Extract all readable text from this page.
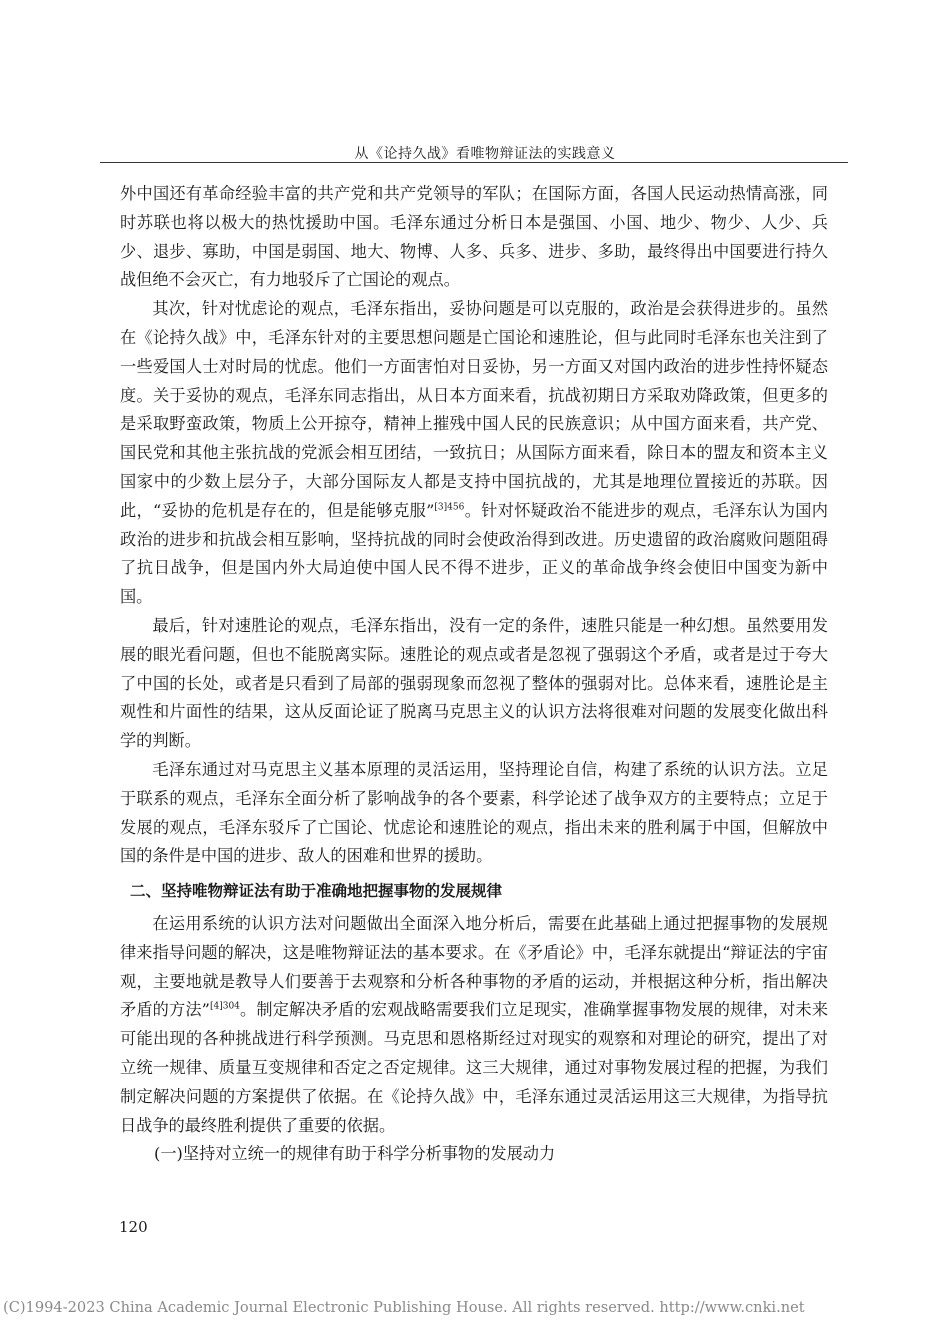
从《论持久战》看唯物辩证法的实践意义

外中国还有革命经验丰富的共产党和共产党领导的军队；在国际方面，各国人民运动热情高涨，同时苏联也将以极大的热忱援助中国。毛泽东通过分析日本是强国、小国、地少、物少、人少、兵少、退步、寡助，中国是弱国、地大、物博、人多、兵多、进步、多助，最终得出中国要进行持久战但绝不会灭亡，有力地驳斥了亡国论的观点。

其次，针对忧虑论的观点，毛泽东指出，妥协问题是可以克服的，政治是会获得进步的。虽然在《论持久战》中，毛泽东针对的主要思想问题是亡国论和速胜论，但与此同时毛泽东也关注到了一些爱国人士对时局的忧虑。他们一方面害怕对日妥协，另一方面又对国内政治的进步性持怀疑态度。关于妥协的观点，毛泽东同志指出，从日本方面来看，抗战初期日方采取劝降政策，但更多的是采取野蛮政策，物质上公开掠夺，精神上摧残中国人民的民族意识；从中国方面来看，共产党、国民党和其他主张抗战的党派会相互团结，一致抗日；从国际方面来看，除日本的盟友和资本主义国家中的少数上层分子，大部分国际友人都是支持中国抗战的，尤其是地理位置接近的苏联。因此，“妥协的危机是存在的，但是能够克服”$^{[3]456}$。针对怀疑政治不能进步的观点，毛泽东认为国内政治的进步和抗战会相互影响，坚持抗战的同时会使政治得到改进。历史遗留的政治腐败问题阻碍了抗日战争，但是国内外大局迫使中国人民不得不进步，正义的革命战争终会使旧中国变为新中国。

最后，针对速胜论的观点，毛泽东指出，没有一定的条件，速胜只能是一种幻想。虽然要用发展的眼光看问题，但也不能脱离实际。速胜论的观点或者是忽视了强弱这个矛盾，或者是过于夸大了中国的长处，或者是只看到了局部的强弱现象而忽视了整体的强弱对比。总体来看，速胜论是主观性和片面性的结果，这从反面论证了脱离马克思主义的认识方法将很难对问题的发展变化做出科学的判断。

毛泽东通过对马克思主义基本原理的灵活运用，坚持理论自信，构建了系统的认识方法。立足于联系的观点，毛泽东全面分析了影响战争的各个要素，科学论述了战争双方的主要特点；立足于发展的观点，毛泽东驳斥了亡国论、忧虑论和速胜论的观点，指出未来的胜利属于中国，但解放中国的条件是中国的进步、敌人的困难和世界的援助。

二、坚持唯物辩证法有助于准确地把握事物的发展规律

在运用系统的认识方法对问题做出全面深入地分析后，需要在此基础上通过把握事物的发展规律来指导问题的解决，这是唯物辩证法的基本要求。在《矛盾论》中，毛泽东就提出“辩证法的宇宙观，主要地就是教导人们要善于去观察和分析各种事物的矛盾的运动，并根据这种分析，指出解决矛盾的方法”$^{[4]304}$。制定解决矛盾的宏观战略需要我们立足现实，准确掌握事物发展的规律，对未来可能出现的各种挑战进行科学预测。马克思和恩格斯经过对现实的观察和对理论的研究，提出了对立统一规律、质量互变规律和否定之否定规律。这三大规律，通过对事物发展过程的把握，为我们制定解决问题的方案提供了依据。在《论持久战》中，毛泽东通过灵活运用这三大规律，为指导抗日战争的最终胜利提供了重要的依据。

(一)坚持对立统一的规律有助于科学分析事物的发展动力

120
(C)1994-2023 China Academic Journal Electronic Publishing House. All rights reserved. http://www.cnki.net
